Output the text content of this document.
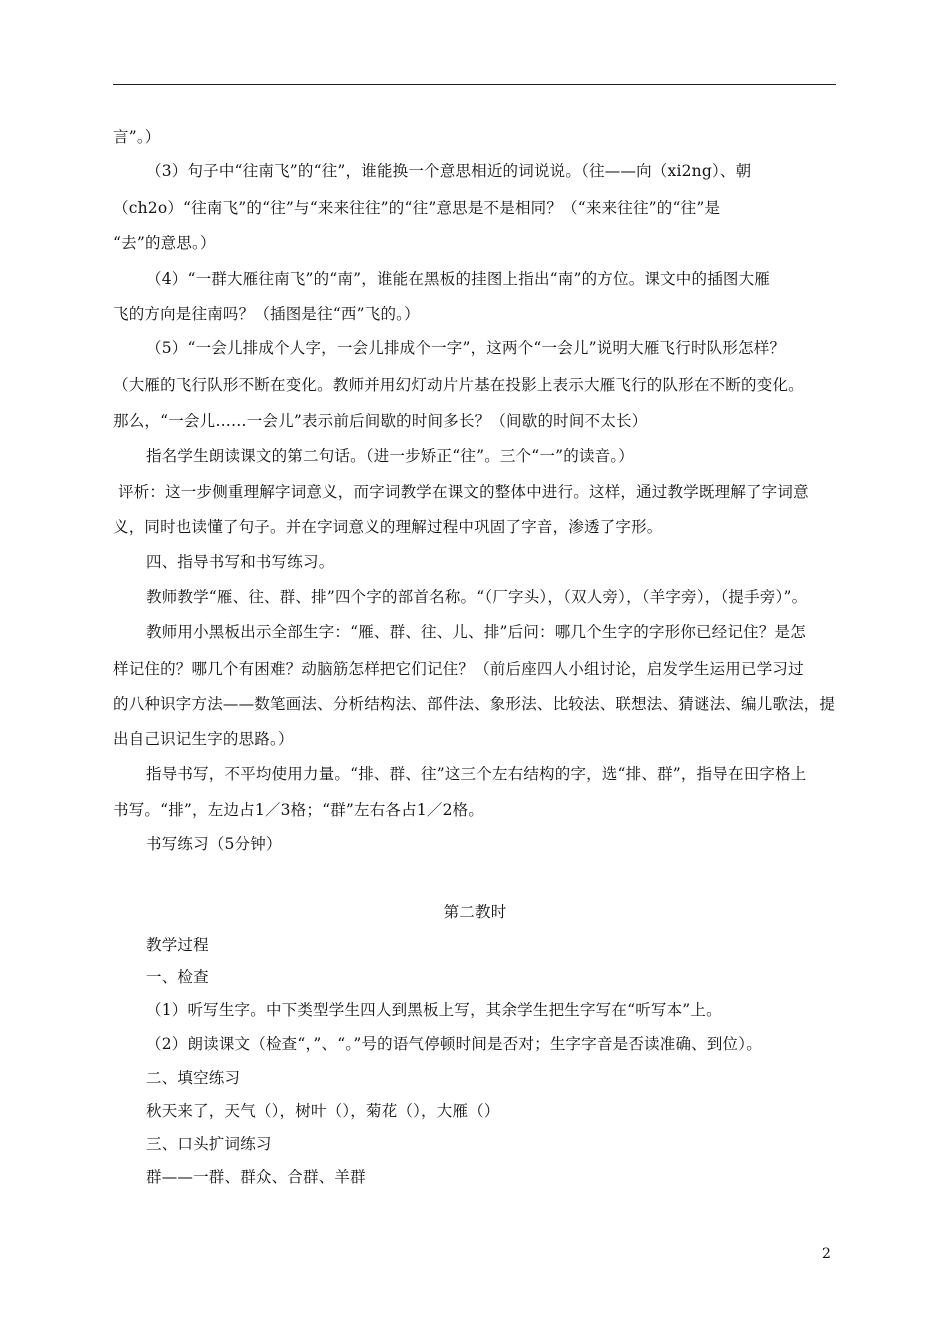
言”。）
（3）句子中“往南飞”的“往”，谁能换一个意思相近的词说说。（往——向（xi2ng）、朝
（ch2o）“往南飞”的“往”与“来来往往”的“往”意思是不是相同？（“来来往往”的“往”是
“去”的意思。）
（4）“一群大雁往南飞”的“南”，谁能在黑板的挂图上指出“南”的方位。课文中的插图大雁
飞的方向是往南吗？（插图是往“西”飞的。）
（5）“一会儿排成个人字，一会儿排成个一字”，这两个“一会儿”说明大雁飞行时队形怎样？
（大雁的飞行队形不断在变化。教师并用幻灯动片片基在投影上表示大雁飞行的队形在不断的变化。
那么，“一会儿……一会儿”表示前后间歇的时间多长？（间歇的时间不太长）
指名学生朗读课文的第二句话。（进一步矫正“往”。三个“一”的读音。）
评析：这一步侧重理解字词意义，而字词教学在课文的整体中进行。这样，通过教学既理解了字词意
义，同时也读懂了句子。并在字词意义的理解过程中巩固了字音，渗透了字形。
四、指导书写和书写练习。
教师教学“雁、往、群、排”四个字的部首名称。“（厂字头），（双人旁），（羊字旁），（提手旁）”。
教师用小黑板出示全部生字：“雁、群、往、儿、排”后问：哪几个生字的字形你已经记住？是怎
样记住的？哪几个有困难？动脑筋怎样把它们记住？（前后座四人小组讨论，启发学生运用已学习过
的八种识字方法——数笔画法、分析结构法、部件法、象形法、比较法、联想法、猜谜法、编儿歌法，提
出自己识记生字的思路。）
指导书写，不平均使用力量。“排、群、往”这三个左右结构的字，选“排、群”，指导在田字格上
书写。“排”，左边占1／3格；“群”左右各占1／2格。
书写练习（5分钟）
第二教时
教学过程
一、检查
（1）听写生字。中下类型学生四人到黑板上写，其余学生把生字写在“听写本”上。
（2）朗读课文（检查“，”、“。”号的语气停顿时间是否对；生字字音是否读准确、到位）。
二、填空练习
秋天来了，天气（），树叶（），菊花（），大雁（）
三、口头扩词练习
群——一群、群众、合群、羊群
2
